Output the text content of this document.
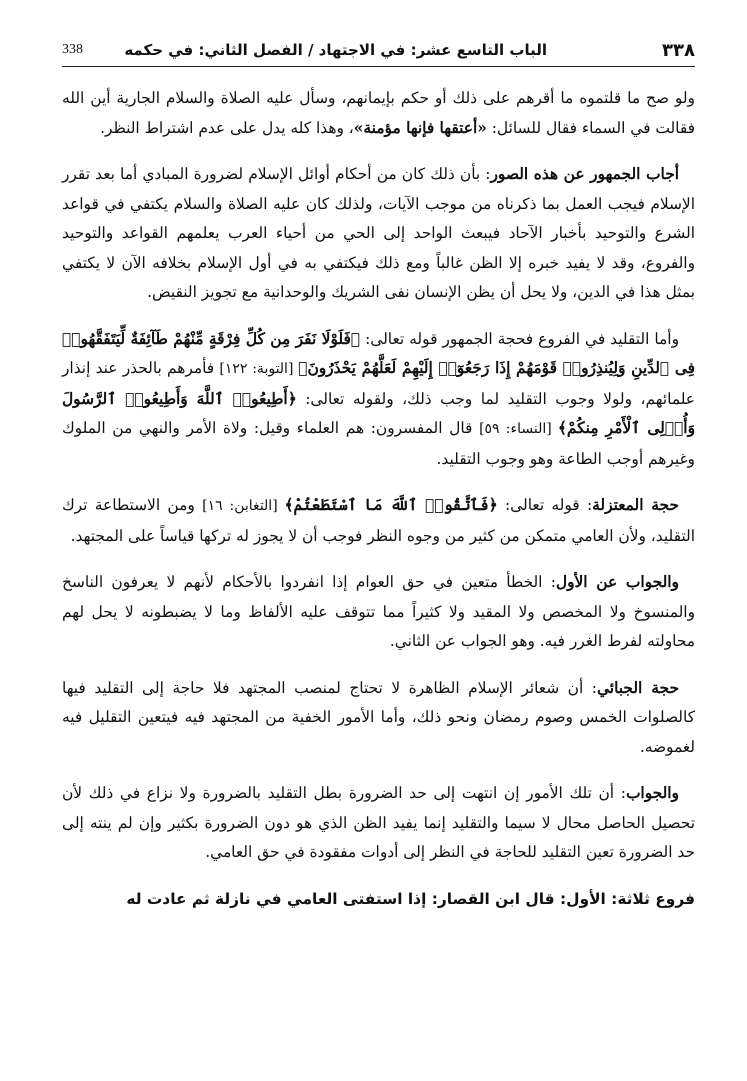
٣٣٨
الباب التاسع عشر: في الاجتهاد / الفصل الثاني: في حكمه
338

ولو صح ما قلتموه ما أقرهم على ذلك أو حكم بإيمانهم، وسأل عليه الصلاة والسلام الجارية أين الله فقالت في السماء فقال للسائل: «أعتقها فإنها مؤمنة»، وهذا كله يدل على عدم اشتراط النظر.

أجاب الجمهور عن هذه الصور: بأن ذلك كان من أحكام أوائل الإسلام لضرورة المبادي أما بعد تقرر الإسلام فيجب العمل بما ذكرناه من موجب الآيات، ولذلك كان عليه الصلاة والسلام يكتفي في قواعد الشرع والتوحيد بأخبار الآحاد فيبعث الواحد إلى الحي من أحياء العرب يعلمهم القواعد والتوحيد والفروع، وقد لا يفيد خبره إلا الظن غالباً ومع ذلك فيكتفي به في أول الإسلام بخلافه الآن لا يكتفي بمثل هذا في الدين، ولا يحل أن يظن الإنسان نفى الشريك والوحدانية مع تجويز النقيض.

وأما التقليد في الفروع فحجة الجمهور قوله تعالى: ﴿فَلَوْلَا نَفَرَ مِن كُلِّ فِرْقَةٍ مِّنْهُمْ طَآئِفَةٌ لِّيَتَفَقَّهُوا۟ فِى ٱلدِّينِ وَلِيُنذِرُوا۟ قَوْمَهُمْ إِذَا رَجَعُوٓا۟ إِلَيْهِمْ لَعَلَّهُمْ يَحْذَرُونَ﴾ [التوبة: ١٢٢] فأمرهم بالحذر عند إنذار علمائهم، ولولا وجوب التقليد لما وجب ذلك، ولقوله تعالى: ﴿أَطِيعُوا۟ ٱللَّهَ وَأَطِيعُوا۟ ٱلرَّسُولَ وَأُو۟لِى ٱلْأَمْرِ مِنكُمْ﴾ [النساء: ٥٩] قال المفسرون: هم العلماء وقيل: ولاة الأمر والنهي من الملوك وغيرهم أوجب الطاعة وهو وجوب التقليد.

حجة المعتزلة: قوله تعالى: ﴿فَٱتَّقُوا۟ ٱللَّهَ مَا ٱسْتَطَعْتُمْ﴾ [التغابن: ١٦] ومن الاستطاعة ترك التقليد، ولأن العامي متمكن من كثير من وجوه النظر فوجب أن لا يجوز له تركها قياساً على المجتهد.

والجواب عن الأول: الخطأ متعين في حق العوام إذا انفردوا بالأحكام لأنهم لا يعرفون الناسخ والمنسوخ ولا المخصص ولا المقيد ولا كثيراً مما تتوقف عليه الألفاظ وما لا يضبطونه لا يحل لهم محاولته لفرط الغرر فيه. وهو الجواب عن الثاني.

حجة الجبائي: أن شعائر الإسلام الظاهرة لا تحتاج لمنصب المجتهد فلا حاجة إلى التقليد فيها كالصلوات الخمس وصوم رمضان ونحو ذلك، وأما الأمور الخفية من المجتهد فيه فيتعين التقليل فيه لغموضه.

والجواب: أن تلك الأمور إن انتهت إلى حد الضرورة بطل التقليد بالضرورة ولا نزاع في ذلك لأن تحصيل الحاصل محال لا سيما والتقليد إنما يفيد الظن الذي هو دون الضرورة بكثير وإن لم ينته إلى حد الضرورة تعين التقليد للحاجة في النظر إلى أدوات مفقودة في حق العامي.

فروع ثلاثة: الأول: قال ابن القصار: إذا استفتى العامي في نازلة ثم عادت له
